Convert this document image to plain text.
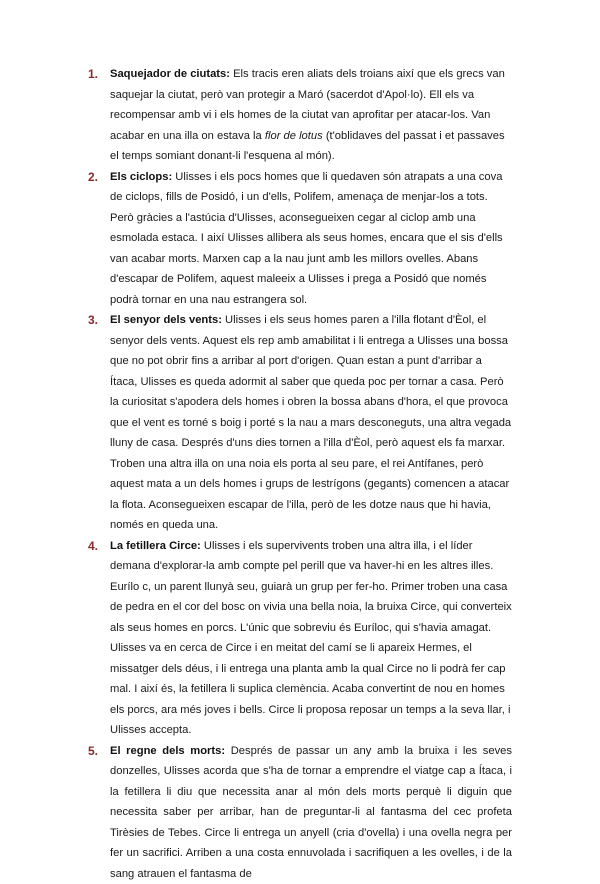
1.	Saquejador de ciutats: Els tracis eren aliats dels troians així que els grecs van saquejar la ciutat, però van protegir a Maró (sacerdot d'Apol·lo). Ell els va recompensar amb vi i els homes de la ciutat van aprofitar per atacar-los. Van acabar en una illa on estava la flor de lotus (t'oblidaves del passat i et passaves el temps somiant donant-li l'esquena al món).

2.	Els ciclops: Ulisses i els pocs homes que li quedaven són atrapats a una cova de ciclops, fills de Posidó, i un d'ells, Polifem, amenaça de menjar-los a tots. Però gràcies a l'astúcia d'Ulisses, aconsegueixen cegar al ciclop amb una esmolada estaca. I així Ulisses allibera als seus homes, encara que el sis d'ells van acabar morts. Marxen cap a la nau junt amb les millors ovelles. Abans d'escapar de Polifem, aquest maleeix a Ulisses i prega a Posidó que només podrà tornar en una nau estrangera sol.

3.	El senyor dels vents: Ulisses i els seus homes paren a l'illa flotant d'Èol, el senyor dels vents. Aquest els rep amb amabilitat i li entrega a Ulisses una bossa que no pot obrir fins a arribar al port d'origen. Quan estan a punt d'arribar a Ítaca, Ulisses es queda adormit al saber que queda poc per tornar a casa. Però la curiositat s'apodera dels homes i obren la bossa abans d'hora, el que provoca que el vent es torné s boig i porté s la nau a mars desconeguts, una altra vegada lluny de casa. Després d'uns dies tornen a l'illa d'Èol, però aquest els fa marxar. Troben una altra illa on una noia els porta al seu pare, el rei Antífanes, però aquest mata a un dels homes i grups de lestrígons (gegants) comencen a atacar la flota. Aconsegueixen escapar de l'illa, però de les dotze naus que hi havia, només en queda una.

4.	La fetillera Circe: Ulisses i els supervivents troben una altra illa, i el líder demana d'explorar-la amb compte pel perill que va haver-hi en les altres illes. Eurílo c, un parent llunyà seu, guiarà un grup per fer-ho. Primer troben una casa de pedra en el cor del bosc on vivia una bella noia, la bruixa Circe, qui converteix als seus homes en porcs. L'únic que sobreviu és Euríloc, qui s'havia amagat. Ulisses va en cerca de Circe i en meitat del camí se li apareix Hermes, el missatger dels déus, i li entrega una planta amb la qual Circe no li podrà fer cap mal. I així és, la fetillera li suplica clemència. Acaba convertint de nou en homes els porcs, ara més joves i bells. Circe li proposa reposar un temps a la seva llar, i Ulisses accepta.

5.	El regne dels morts: Després de passar un any amb la bruixa i les seves donzelles, Ulisses acorda que s'ha de tornar a emprendre el viatge cap a Ítaca, i la fetillera li diu que necessita anar al món dels morts perquè li diguin que necessita saber per arribar, han de preguntar-li al fantasma del cec profeta Tirèsies de Tebes. Circe li entrega un anyell (cria d'ovella) i una ovella negra per fer un sacrifici. Arriben a una costa ennuvolada i sacrifiquen a les ovelles, i de la sang atrauen el fantasma de
